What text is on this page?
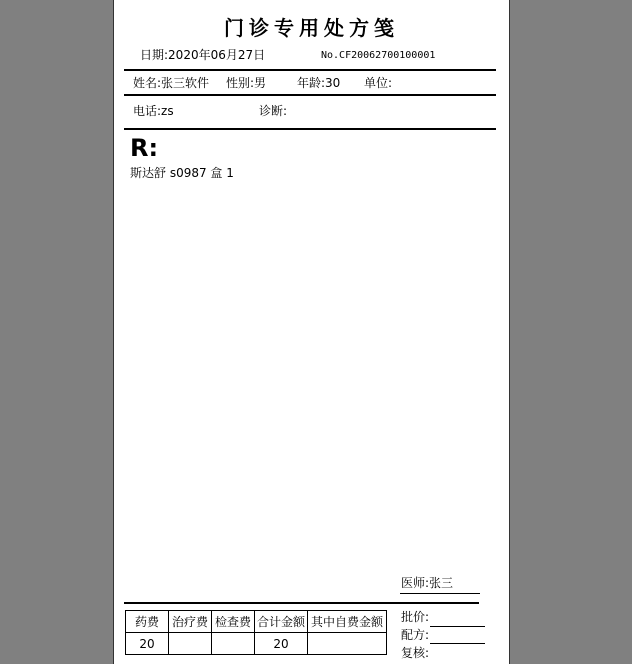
门诊专用处方笺
日期:2020年06月27日	No.CF20062700100001
姓名:张三软件 性别:男	年龄:30 单位:
电话:zs	诊断:
R:
斯达舒 s0987 盒 1
医师:张三
药费	治疗费	检查费	合计金额	其中自费金额
20			20	
批价:
配方:
复核:
